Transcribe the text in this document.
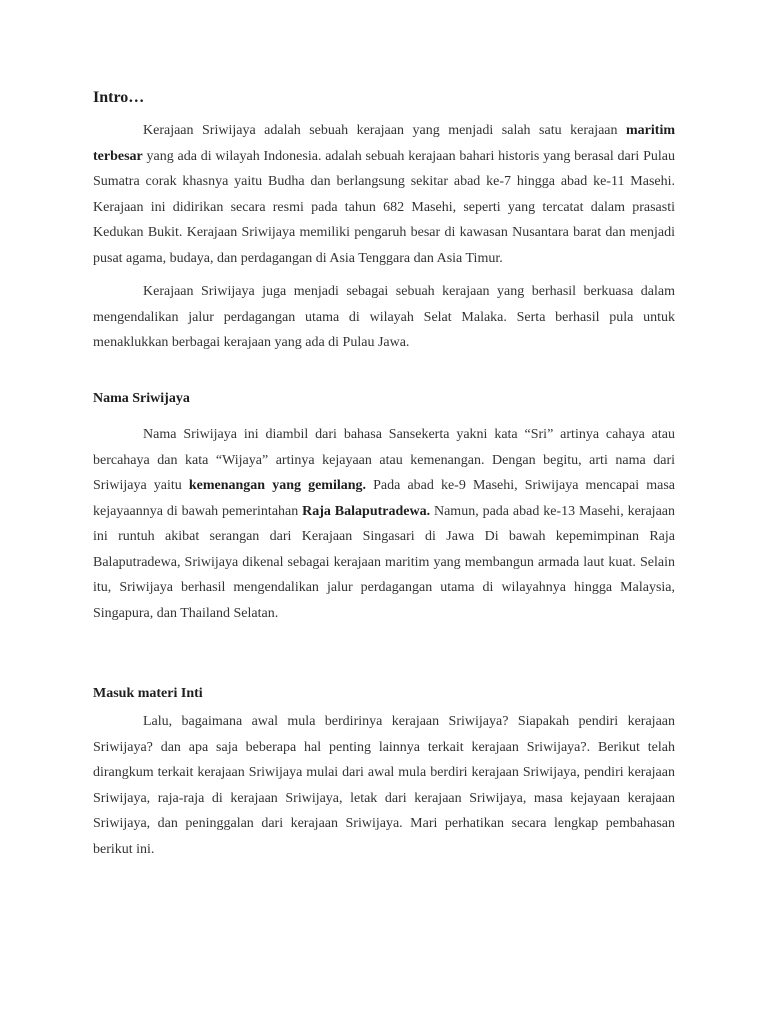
Intro…

Kerajaan Sriwijaya adalah sebuah kerajaan yang menjadi salah satu kerajaan maritim terbesar yang ada di wilayah Indonesia. adalah sebuah kerajaan bahari historis yang berasal dari Pulau Sumatra corak khasnya yaitu Budha dan berlangsung sekitar abad ke-7 hingga abad ke-11 Masehi. Kerajaan ini didirikan secara resmi pada tahun 682 Masehi, seperti yang tercatat dalam prasasti Kedukan Bukit. Kerajaan Sriwijaya memiliki pengaruh besar di kawasan Nusantara barat dan menjadi pusat agama, budaya, dan perdagangan di Asia Tenggara dan Asia Timur.

Kerajaan Sriwijaya juga menjadi sebagai sebuah kerajaan yang berhasil berkuasa dalam mengendalikan jalur perdagangan utama di wilayah Selat Malaka. Serta berhasil pula untuk menaklukkan berbagai kerajaan yang ada di Pulau Jawa.

Nama Sriwijaya

Nama Sriwijaya ini diambil dari bahasa Sansekerta yakni kata “Sri” artinya cahaya atau bercahaya dan kata “Wijaya” artinya kejayaan atau kemenangan. Dengan begitu, arti nama dari Sriwijaya yaitu kemenangan yang gemilang. Pada abad ke-9 Masehi, Sriwijaya mencapai masa kejayaannya di bawah pemerintahan Raja Balaputradewa. Namun, pada abad ke-13 Masehi, kerajaan ini runtuh akibat serangan dari Kerajaan Singasari di Jawa Di bawah kepemimpinan Raja Balaputradewa, Sriwijaya dikenal sebagai kerajaan maritim yang membangun armada laut kuat. Selain itu, Sriwijaya berhasil mengendalikan jalur perdagangan utama di wilayahnya hingga Malaysia, Singapura, dan Thailand Selatan.

Masuk materi Inti

Lalu, bagaimana awal mula berdirinya kerajaan Sriwijaya? Siapakah pendiri kerajaan Sriwijaya? dan apa saja beberapa hal penting lainnya terkait kerajaan Sriwijaya?. Berikut telah dirangkum terkait kerajaan Sriwijaya mulai dari awal mula berdiri kerajaan Sriwijaya, pendiri kerajaan Sriwijaya, raja-raja di kerajaan Sriwijaya, letak dari kerajaan Sriwijaya, masa kejayaan kerajaan Sriwijaya, dan peninggalan dari kerajaan Sriwijaya. Mari perhatikan secara lengkap pembahasan berikut ini.
